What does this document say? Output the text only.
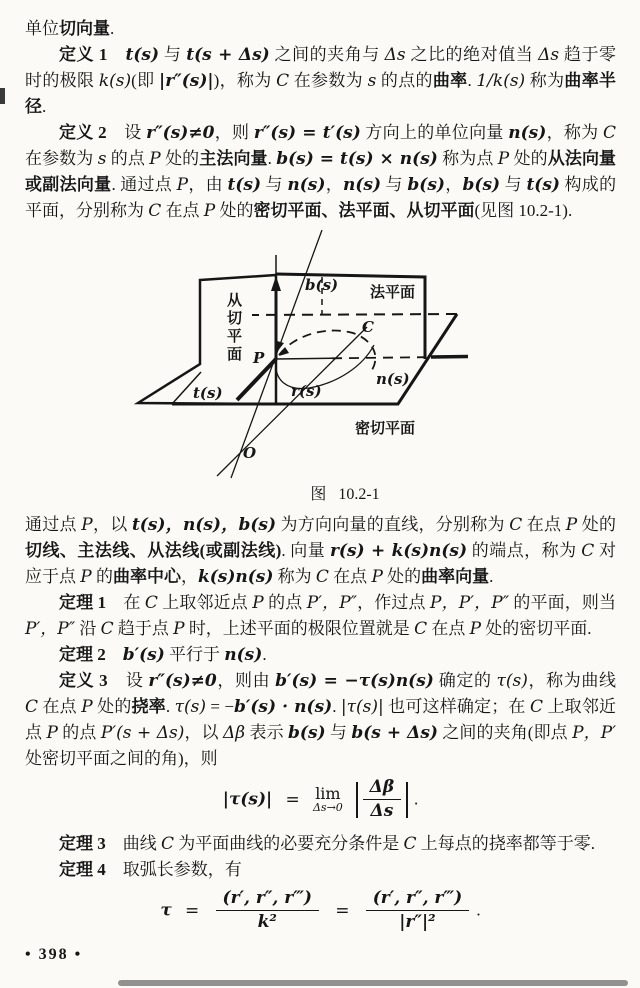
单位切向量.

定义 1　 t(s) 与 t(s + Δs) 之间的夹角与 Δs 之比的绝对值当 Δs 趋于零时的极限 k(s)(即 |r″(s)|)，称为 C 在参数为 s 的点的曲率. 1/k(s) 称为曲率半径.

定义 2　设 r″(s)≠0，则 r″(s) = t′(s) 方向上的单位向量 n(s)，称为 C 在参数为 s 的点 P 处的主法向量. b(s) = t(s) × n(s) 称为点 P 处的从法向量或副法向量. 通过点 P，由 t(s) 与 n(s)，n(s) 与 b(s)，b(s) 与 t(s) 构成的平面，分别称为 C 在点 P 处的密切平面、法平面、从切平面(见图 10.2-1).

法平面
从切平面
密切平面
b(s)
t(s)
n(s)
r(s)
P
C
O
图 10.2-1

通过点 P，以 t(s)，n(s)，b(s) 为方向向量的直线，分别称为 C 在点 P 处的切线、主法线、从法线(或副法线). 向量 r(s) + k(s)n(s) 的端点，称为 C 对应于点 P 的曲率中心，k(s)n(s) 称为 C 在点 P 处的曲率向量.

定理 1　在 C 上取邻近点 P 的点 P′，P″，作过点 P，P′，P″ 的平面，则当 P′，P″ 沿 C 趋于点 P 时，上述平面的极限位置就是 C 在点 P 处的密切平面.

定理 2　 b′(s) 平行于 n(s).

定义 3　设 r″(s)≠0，则由 b′(s) = −τ(s)n(s) 确定的 τ(s)，称为曲线 C 在点 P 处的挠率. τ(s) = −b′(s) · n(s). |τ(s)| 也可这样确定；在 C 上取邻近点 P 的点 P′(s + Δs)，以 Δβ 表示 b(s) 与 b(s + Δs) 之间的夹角(即点 P，P′ 处密切平面之间的角)，则

|τ(s)| = lim
Δs→0
$\frac{\Delta\beta}{\Delta s}$ .

定理 3　曲线 C 为平面曲线的必要充分条件是 C 上每点的挠率都等于零.

定理 4　取弧长参数，有

$\tau = \frac{(r', r'', r‴)}{\text{k²}} = \frac{(r', r'', r‴)}{\text{|r″|²}}$ .
• 398 •
